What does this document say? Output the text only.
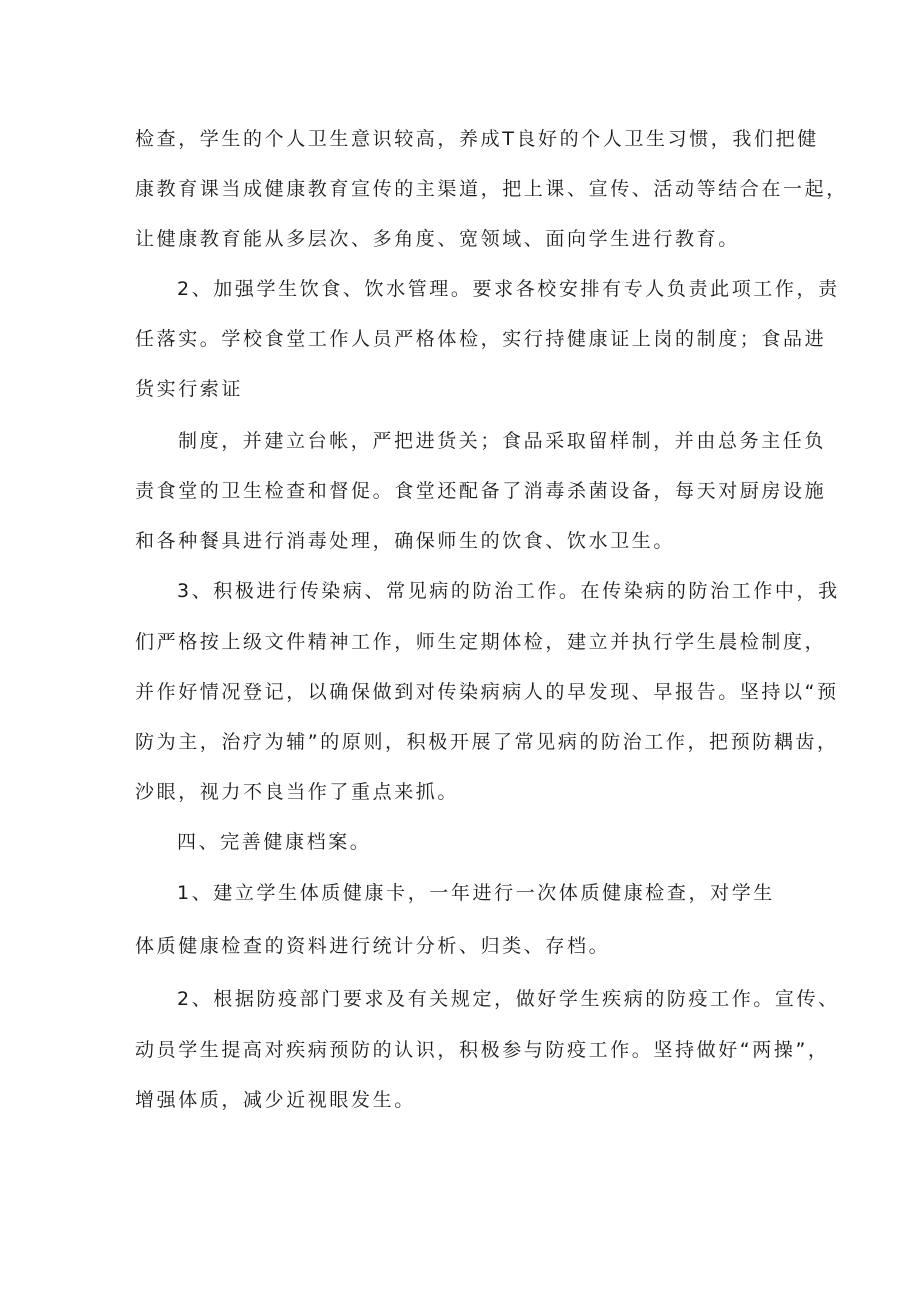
检查，学生的个人卫生意识较高，养成T良好的个人卫生习惯，我们把健
康教育课当成健康教育宣传的主渠道，把上课、宣传、活动等结合在一起，
让健康教育能从多层次、多角度、宽领域、面向学生进行教育。
2、加强学生饮食、饮水管理。要求各校安排有专人负责此项工作，责
任落实。学校食堂工作人员严格体检，实行持健康证上岗的制度；食品进
货实行索证
制度，并建立台帐，严把进货关；食品采取留样制，并由总务主任负
责食堂的卫生检查和督促。食堂还配备了消毒杀菌设备，每天对厨房设施
和各种餐具进行消毒处理，确保师生的饮食、饮水卫生。
3、积极进行传染病、常见病的防治工作。在传染病的防治工作中，我
们严格按上级文件精神工作，师生定期体检，建立并执行学生晨检制度，
并作好情况登记，以确保做到对传染病病人的早发现、早报告。坚持以“预
防为主，治疗为辅”的原则，积极开展了常见病的防治工作，把预防耦齿，
沙眼，视力不良当作了重点来抓。
四、完善健康档案。
1、建立学生体质健康卡，一年进行一次体质健康检查，对学生
体质健康检查的资料进行统计分析、归类、存档。
2、根据防疫部门要求及有关规定，做好学生疾病的防疫工作。宣传、
动员学生提高对疾病预防的认识，积极参与防疫工作。坚持做好“两操”，
增强体质，减少近视眼发生。
